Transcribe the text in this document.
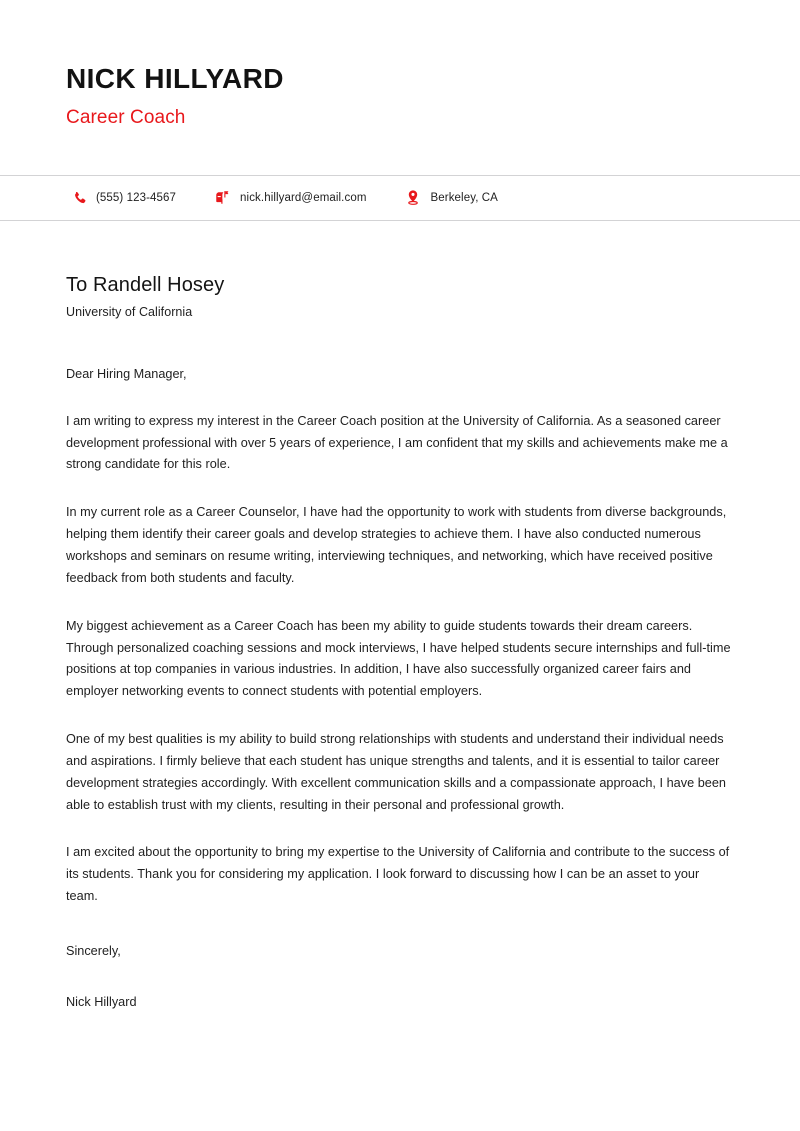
NICK HILLYARD
Career Coach
(555) 123-4567	nick.hillyard@email.com	Berkeley, CA
To Randell Hosey
University of California
Dear Hiring Manager,

I am writing to express my interest in the Career Coach position at the University of California. As a seasoned career development professional with over 5 years of experience, I am confident that my skills and achievements make me a strong candidate for this role.

In my current role as a Career Counselor, I have had the opportunity to work with students from diverse backgrounds, helping them identify their career goals and develop strategies to achieve them. I have also conducted numerous workshops and seminars on resume writing, interviewing techniques, and networking, which have received positive feedback from both students and faculty.

My biggest achievement as a Career Coach has been my ability to guide students towards their dream careers. Through personalized coaching sessions and mock interviews, I have helped students secure internships and full-time positions at top companies in various industries. In addition, I have also successfully organized career fairs and employer networking events to connect students with potential employers.

One of my best qualities is my ability to build strong relationships with students and understand their individual needs and aspirations. I firmly believe that each student has unique strengths and talents, and it is essential to tailor career development strategies accordingly. With excellent communication skills and a compassionate approach, I have been able to establish trust with my clients, resulting in their personal and professional growth.

I am excited about the opportunity to bring my expertise to the University of California and contribute to the success of its students. Thank you for considering my application. I look forward to discussing how I can be an asset to your team.

Sincerely,
Nick Hillyard
